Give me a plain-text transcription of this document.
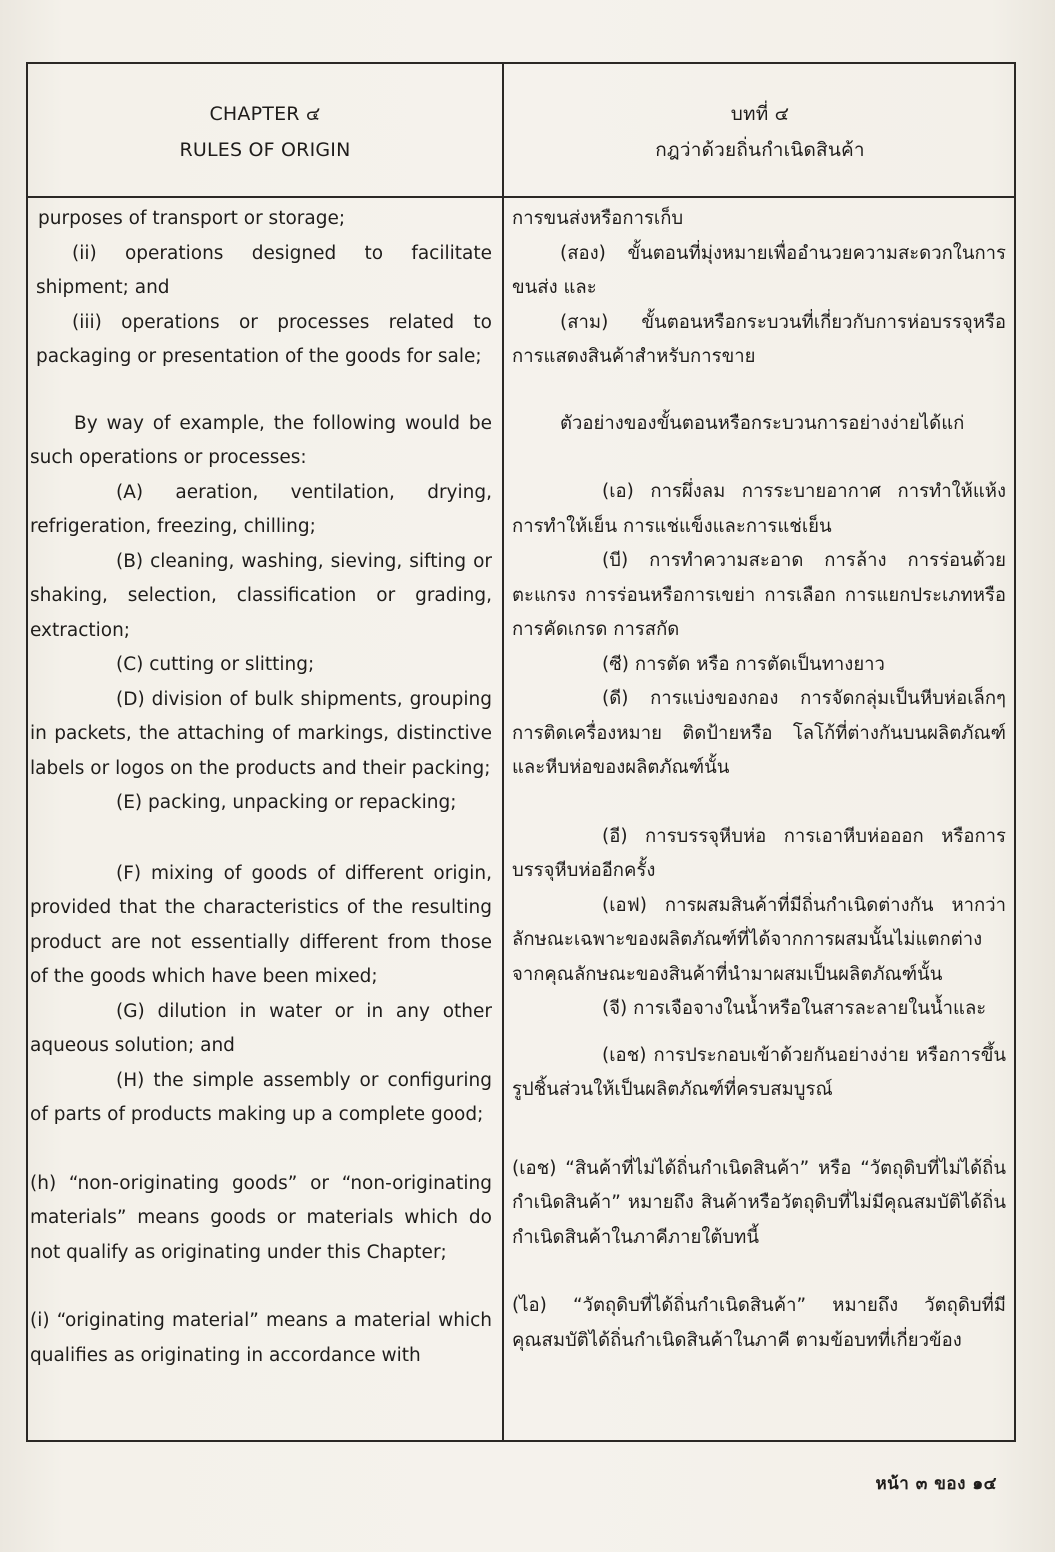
CHAPTER ๔
RULES OF ORIGIN
บทที่ ๔
กฎว่าด้วยถิ่นกำเนิดสินค้า

purposes of transport or storage;

(ii) operations designed to facilitate shipment; and

(iii) operations or processes related to packaging or presentation of the goods for sale;

By way of example, the following would be such operations or processes:

(A) aeration, ventilation, drying, refrigeration, freezing, chilling;

(B) cleaning, washing, sieving, sifting or shaking, selection, classification or grading, extraction;

(C) cutting or slitting;

(D) division of bulk shipments, grouping in packets, the attaching of markings, distinctive labels or logos on the products and their packing;

(E) packing, unpacking or repacking;

(F) mixing of goods of different origin, provided that the characteristics of the resulting product are not essentially different from those of the goods which have been mixed;

(G) dilution in water or in any other aqueous solution; and

(H) the simple assembly or configuring of parts of products making up a complete good;

(h) “non-originating goods” or “non-originating materials” means goods or materials which do not qualify as originating under this Chapter;

(i) “originating material” means a material which qualifies as originating in accordance with

การขนส่งหรือการเก็บ

(สอง) ขั้นตอนที่มุ่งหมายเพื่ออำนวยความสะดวกในการขนส่ง และ

(สาม) ขั้นตอนหรือกระบวนที่เกี่ยวกับการห่อบรรจุหรือการแสดงสินค้าสำหรับการขาย

ตัวอย่างของขั้นตอนหรือกระบวนการอย่างง่ายได้แก่

(เอ) การผึ่งลม การระบายอากาศ การทำให้แห้ง การทำให้เย็น การแช่แข็งและการแช่เย็น

(บี) การทำความสะอาด การล้าง การร่อนด้วยตะแกรง การร่อนหรือการเขย่า การเลือก การแยกประเภทหรือการคัดเกรด การสกัด

(ซี) การตัด หรือ การตัดเป็นทางยาว

(ดี) การแบ่งของกอง การจัดกลุ่มเป็นหีบห่อเล็กๆ การติดเครื่องหมาย ติดป้ายหรือ โลโก้ที่ต่างกันบนผลิตภัณฑ์และหีบห่อของผลิตภัณฑ์นั้น

(อี) การบรรจุหีบห่อ การเอาหีบห่อออก หรือการบรรจุหีบห่ออีกครั้ง

(เอฟ) การผสมสินค้าที่มีถิ่นกำเนิดต่างกัน หากว่าลักษณะเฉพาะของผลิตภัณฑ์ที่ได้จากการผสมนั้นไม่แตกต่างจากคุณลักษณะของสินค้าที่นำมาผสมเป็นผลิตภัณฑ์นั้น

(จี) การเจือจางในน้ำหรือในสารละลายในน้ำและ

(เอช) การประกอบเข้าด้วยกันอย่างง่าย หรือการขึ้นรูปชิ้นส่วนให้เป็นผลิตภัณฑ์ที่ครบสมบูรณ์

(เอช) “สินค้าที่ไม่ได้ถิ่นกำเนิดสินค้า” หรือ “วัตถุดิบที่ไม่ได้ถิ่นกำเนิดสินค้า” หมายถึง สินค้าหรือวัตถุดิบที่ไม่มีคุณสมบัติได้ถิ่นกำเนิดสินค้าในภาคีภายใต้บทนี้

(ไอ) “วัตถุดิบที่ได้ถิ่นกำเนิดสินค้า” หมายถึง วัตถุดิบที่มีคุณสมบัติได้ถิ่นกำเนิดสินค้าในภาคี ตามข้อบทที่เกี่ยวข้อง

หน้า ๓ ของ ๑๔
